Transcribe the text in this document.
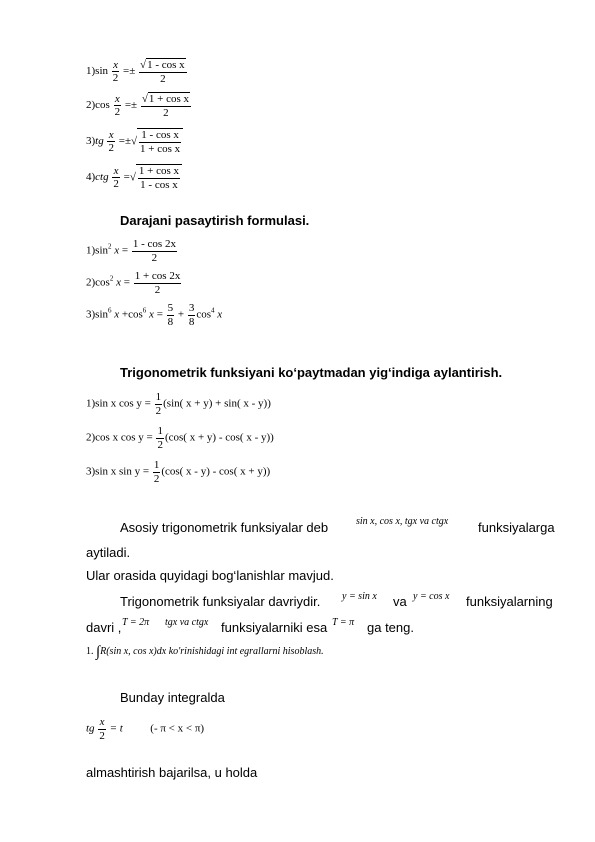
$1)\sin \frac{x}{2} =\pm \frac{\text{√1 - cos x}}{2}$
$2)\cos \frac{x}{2} =\pm \frac{\text{√1 + cos x}}{2}$
$3)tg \frac{x}{2}$ =±√ $\frac{\text{1 - cos x}}{\text{1 + cos x}}$
$4)ctg \frac{x}{2}$ =√ $\frac{\text{1 + cos x}}{\text{1 - cos x}}$
Darajani pasaytirish formulasi.
$1)\sin^2$ $x = \frac{1 - \cos 2x}{2}$
$2)\cos^2$ $x = \frac{1 + \cos 2x}{2}$
$3)\sin^6$ $x +\cos^6$ $x = \frac{5}{8} + \frac{3}{8} \cos^4 x$
Trigonometrik funksiyani ko‘paytmadan yig‘indiga aylantirish.
1)sin x $\cos y = \frac{1}{2} (\sin$( x + y) + sin( x - y))
2)cos x $\cos y = \frac{1}{2} (\cos$( x + y) - cos( x - y))
3)sin x $\sin y = \frac{1}{2} (\cos$( x - y) - cos( x + y))
Asosiy trigonometrik funksiyalar deb	sin x, cos x, tgx va ctgx funksiyalarga
aytiladi.
Ular orasida quyidagi bog‘lanishlar mavjud.
Trigonometrik funksiyalar davriydir. y = sin x va y = cos x funksiyalarning
davri , T = 2π tgx va ctgx funksiyalarniki esa T = π ga teng.
1. ∫R(sin x, cos x)dx ko'rinishidagi int egrallarni hisoblash.
Bunday integralda
tg $\frac{x}{2} = t$	(- π < x < π)
almashtirish bajarilsa, u holda
